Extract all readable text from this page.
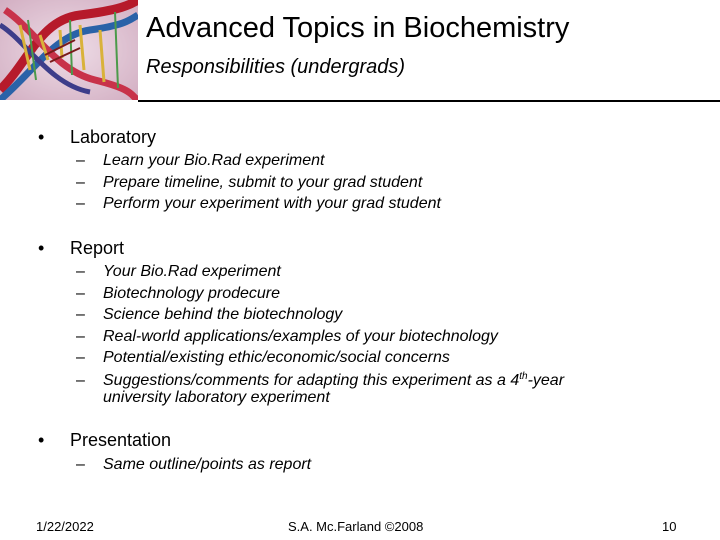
Advanced Topics in Biochemistry
Responsibilities (undergrads)
• Laboratory
– Learn your Bio.Rad experiment
– Prepare timeline, submit to your grad student
– Perform your experiment with your grad student
• Report
– Your Bio.Rad experiment
– Biotechnology prodecure
– Science behind the biotechnology
– Real-world applications/examples of your biotechnology
– Potential/existing ethic/economic/social concerns
– Suggestions/comments for adapting this experiment as a 4th-year
university laboratory experiment
• Presentation
– Same outline/points as report
1/22/2022	S.A. Mc.Farland ©2008	10
